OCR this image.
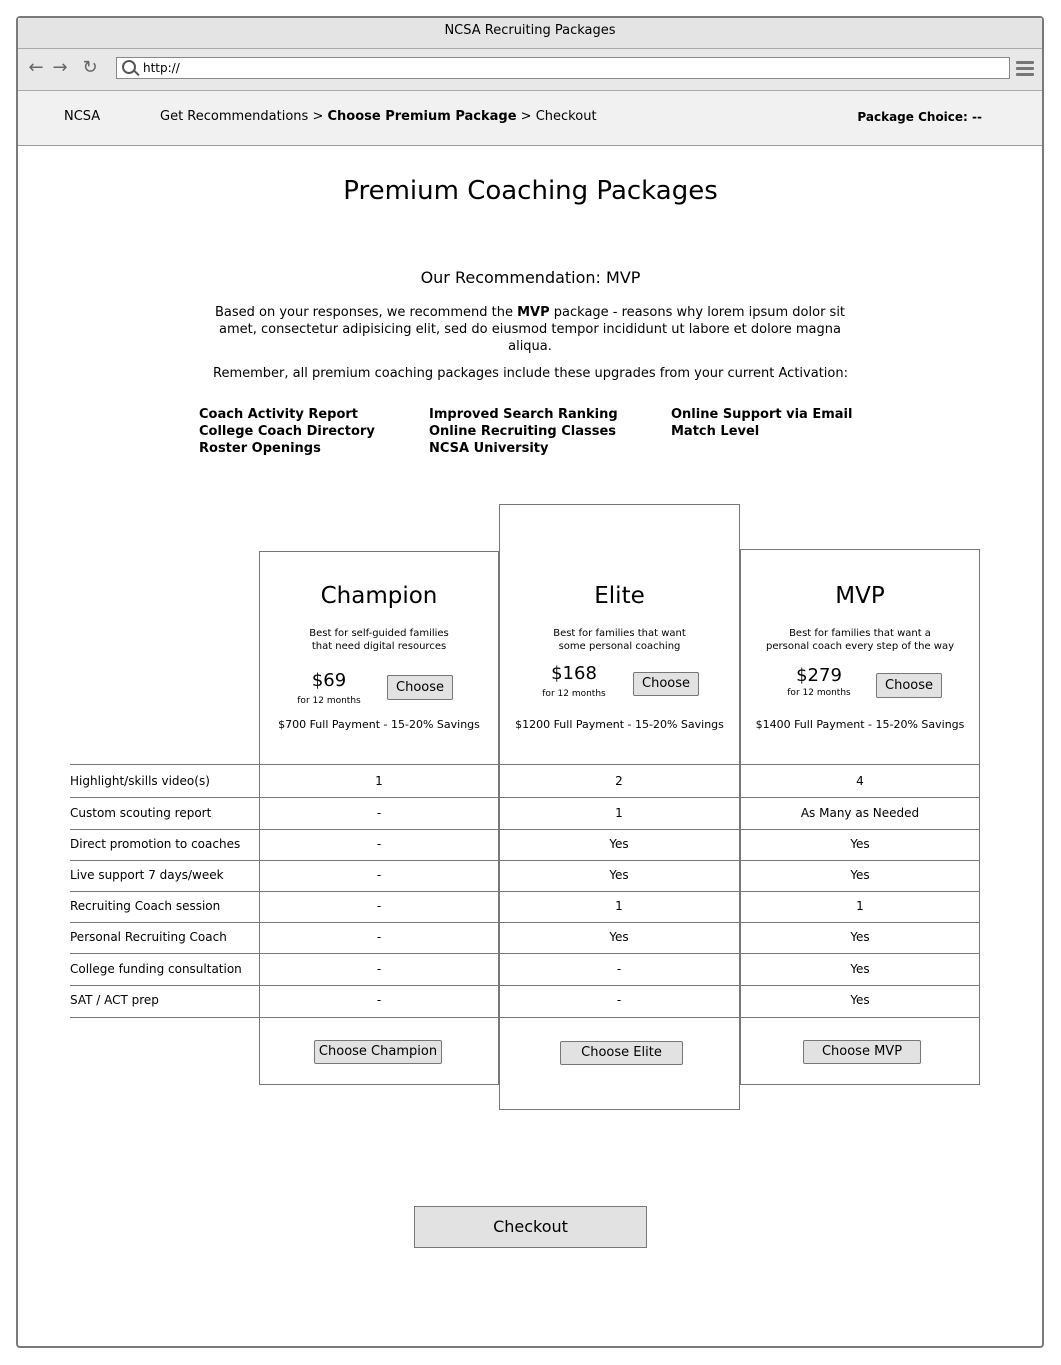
NCSA Recruiting Packages
← → ↻	http://
NCSA	Get Recommendations > Choose Premium Package > Checkout	Package Choice: --
Premium Coaching Packages
Our Recommendation: MVP
Based on your responses, we recommend the MVP package - reasons why lorem ipsum dolor sit amet, consectetur adipisicing elit, sed do eiusmod tempor incididunt ut labore et dolore magna aliqua.
Remember, all premium coaching packages include these upgrades from your current Activation:
Coach Activity Report
College Coach Directory
Roster Openings
Improved Search Ranking
Online Recruiting Classes
NCSA University
Online Support via Email
Match Level
Champion
Best for self-guided families
that need digital resources
$69
for 12 months
Choose
$700 Full Payment - 15-20% Savings
Choose Champion
Elite
Best for families that want
some personal coaching
$168
for 12 months
Choose
$1200 Full Payment - 15-20% Savings
Choose Elite
MVP
Best for families that want a
personal coach every step of the way
$279
for 12 months	Choose
$1400 Full Payment - 15-20% Savings
Choose MVP
Highlight/skills video(s)	1	2	4
Custom scouting report	-	1	As Many as Needed
Direct promotion to coaches	-	Yes	Yes
Live support 7 days/week	-	Yes	Yes
Recruiting Coach session	-	1	1
Personal Recruiting Coach	-	Yes	Yes
College funding consultation	-	-	Yes
SAT / ACT prep	-	-	Yes
Checkout
